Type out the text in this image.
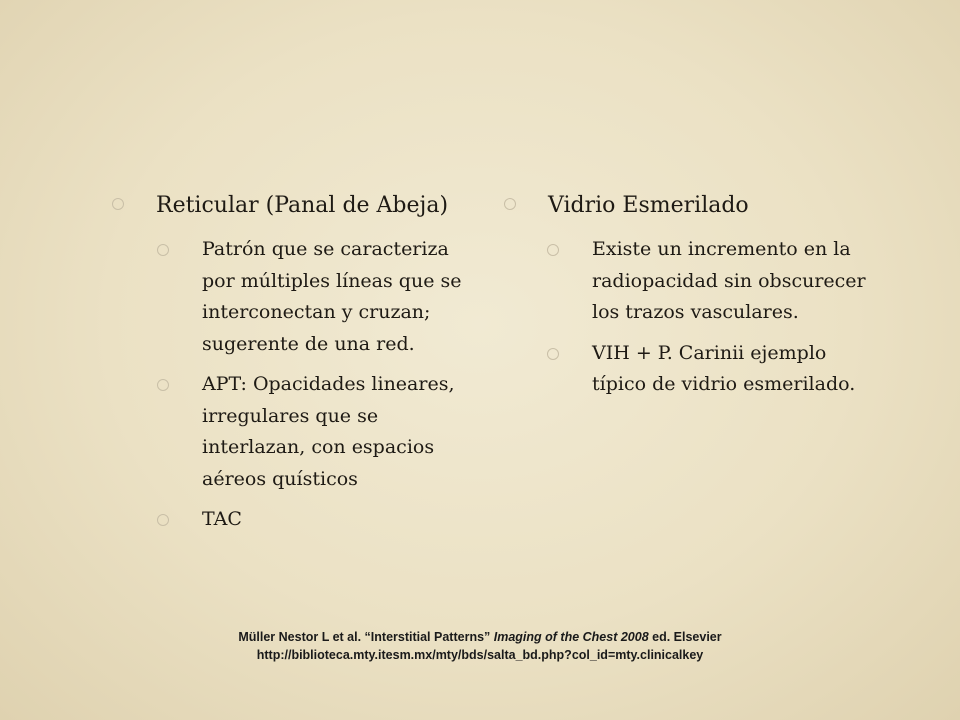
Reticular (Panal de Abeja)
Patrón que se caracteriza por múltiples líneas que se interconectan y cruzan; sugerente de una red.
APT: Opacidades lineares, irregulares que se interlazan, con espacios aéreos quísticos
TAC
Vidrio Esmerilado
Existe un incremento en la radiopacidad sin obscurecer los trazos vasculares.
VIH + P. Carinii ejemplo típico de vidrio esmerilado.
Müller Nestor L et al. “Interstitial Patterns” Imaging of the Chest 2008 ed. Elsevier http://biblioteca.mty.itesm.mx/mty/bds/salta_bd.php?col_id=mty.clinicalkey
